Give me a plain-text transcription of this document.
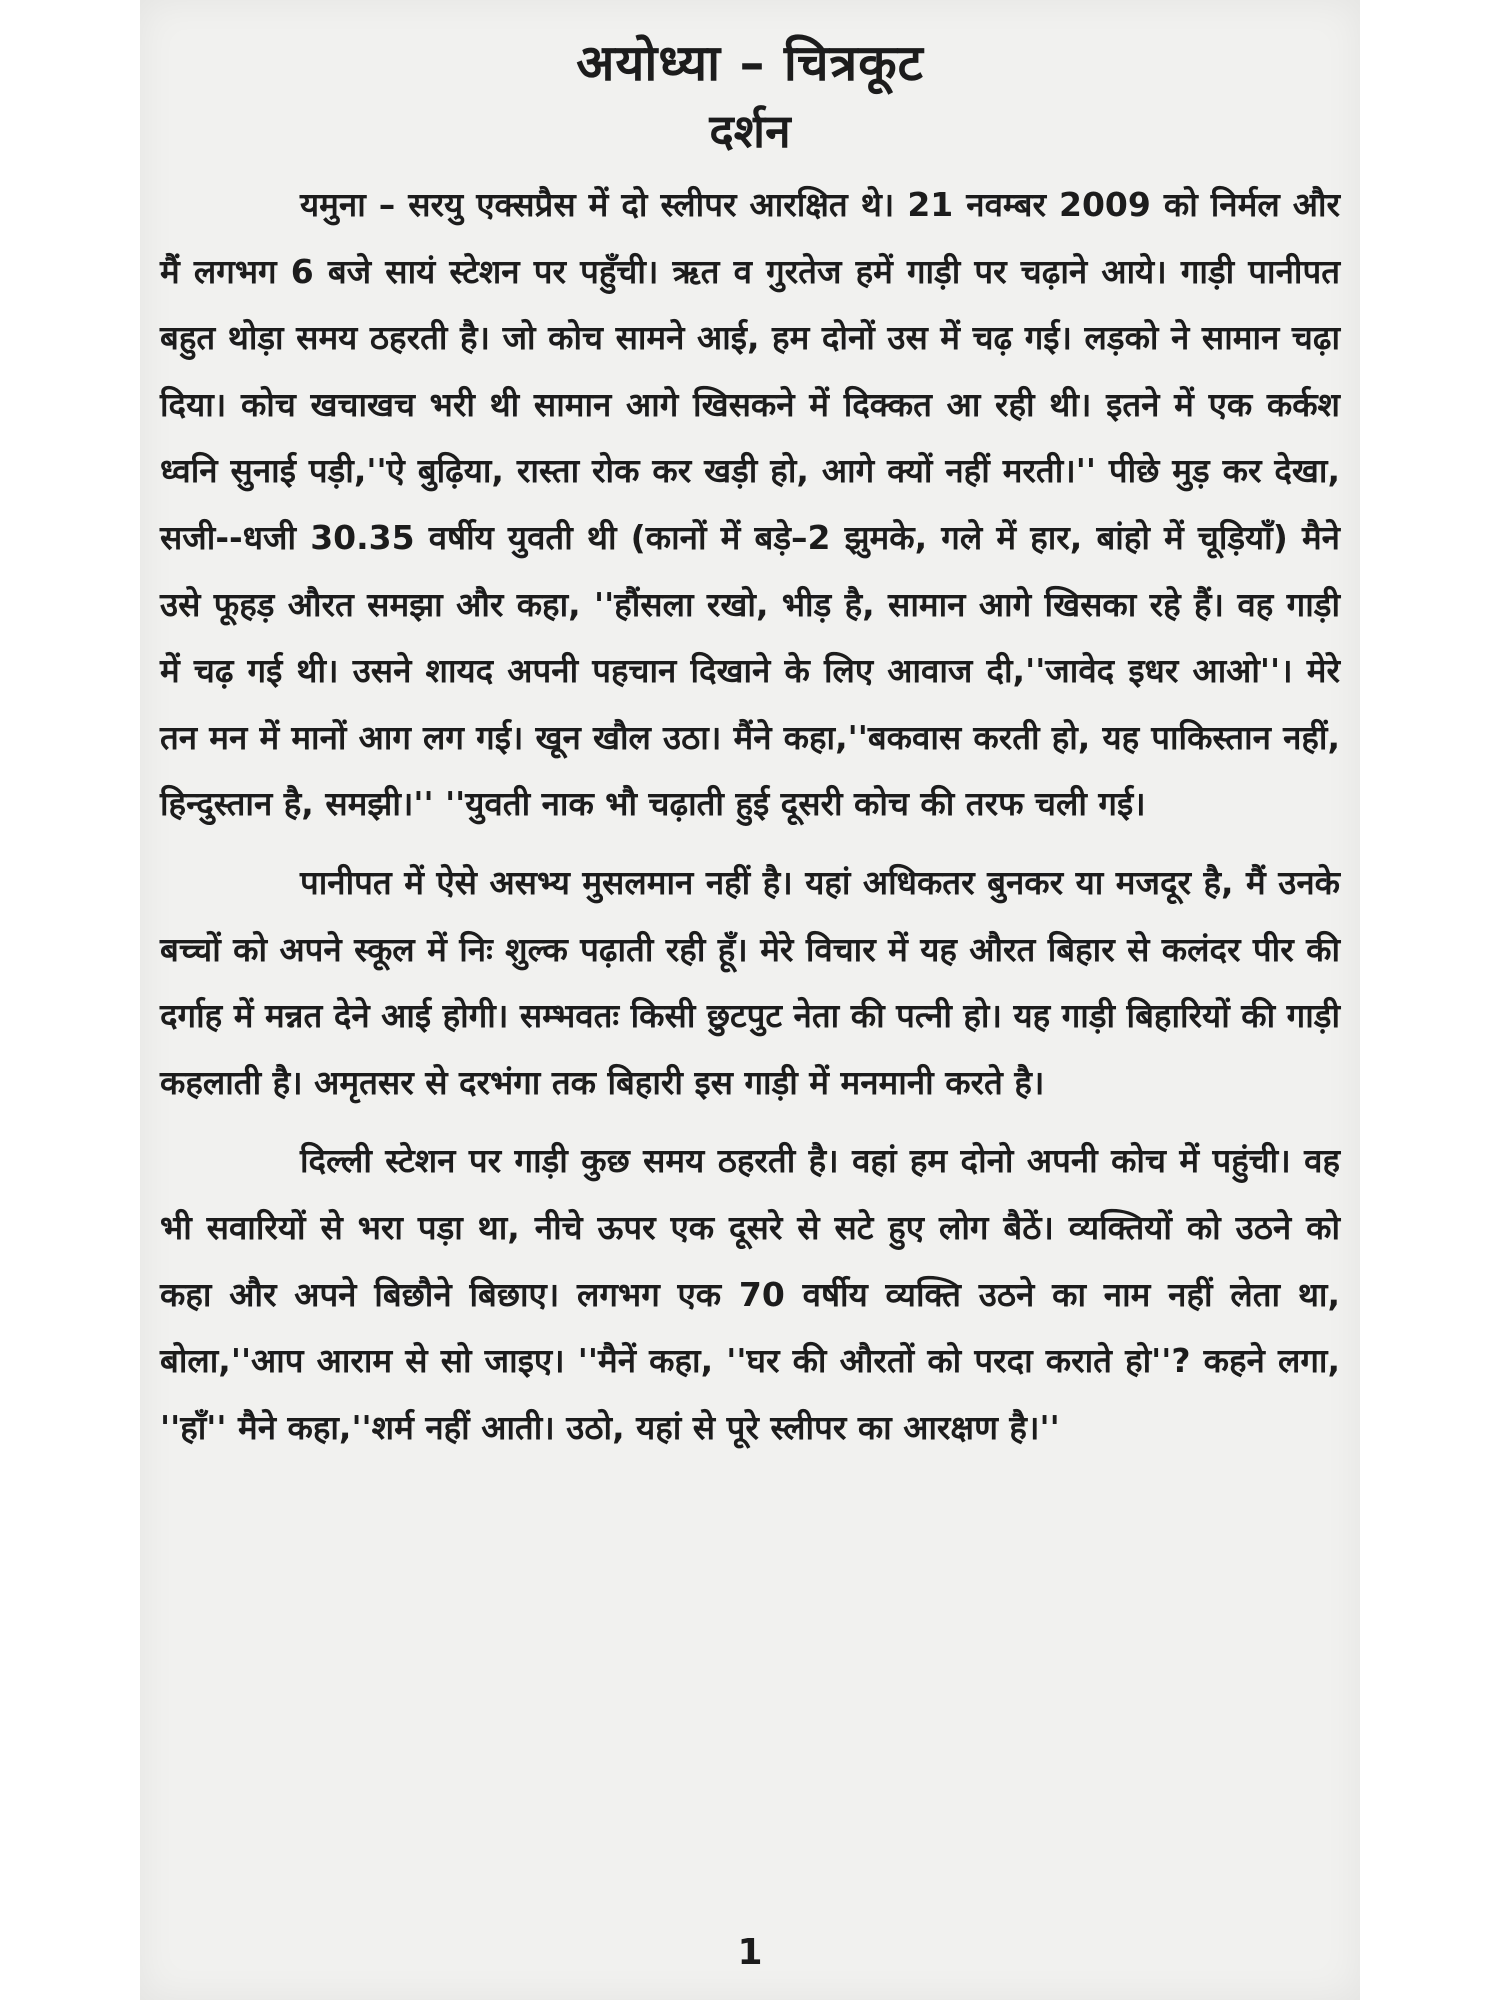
अयोध्या – चित्रकूट
दर्शन

यमुना – सरयु एक्सप्रैस में दो स्लीपर आरक्षित थे। 21 नवम्बर 2009 को निर्मल और मैं लगभग 6 बजे सायं स्टेशन पर पहुँची। ऋत व गुरतेज हमें गाड़ी पर चढ़ाने आये। गाड़ी पानीपत बहुत थोड़ा समय ठहरती है। जो कोच सामने आई, हम दोनों उस में चढ़ गई। लड़को ने सामान चढ़ा दिया। कोच खचाखच भरी थी सामान आगे खिसकने में दिक्कत आ रही थी। इतने में एक कर्कश ध्वनि सुनाई पड़ी,''ऐ बुढ़िया, रास्ता रोक कर खड़ी हो, आगे क्यों नहीं मरती।'' पीछे मुड़ कर देखा, सजी--धजी 30.35 वर्षीय युवती थी (कानों में बड़े–2 झुमके, गले में हार, बांहो में चूड़ियाँ) मैने उसे फूहड़ औरत समझा और कहा, ''हौंसला रखो, भीड़ है, सामान आगे खिसका रहे हैं। वह गाड़ी में चढ़ गई थी। उसने शायद अपनी पहचान दिखाने के लिए आवाज दी,''जावेद इधर आओ''। मेरे तन मन में मानों आग लग गई। खून खौल उठा। मैंने कहा,''बकवास करती हो, यह पाकिस्तान नहीं, हिन्दुस्तान है, समझी।'' ''युवती नाक भौ चढ़ाती हुई दूसरी कोच की तरफ चली गई।

पानीपत में ऐसे असभ्य मुसलमान नहीं है। यहां अधिकतर बुनकर या मजदूर है, मैं उनके बच्चों को अपने स्कूल में निः शुल्क पढ़ाती रही हूँ। मेरे विचार में यह औरत बिहार से कलंदर पीर की दर्गाह में मन्नत देने आई होगी। सम्भवतः किसी छुटपुट नेता की पत्नी हो। यह गाड़ी बिहारियों की गाड़ी कहलाती है। अमृतसर से दरभंगा तक बिहारी इस गाड़ी में मनमानी करते है।

दिल्ली स्टेशन पर गाड़ी कुछ समय ठहरती है। वहां हम दोनो अपनी कोच में पहुंची। वह भी सवारियों से भरा पड़ा था, नीचे ऊपर एक दूसरे से सटे हुए लोग बैठें। व्यक्तियों को उठने को कहा और अपने बिछौने बिछाए। लगभग एक 70 वर्षीय व्यक्ति उठने का नाम नहीं लेता था, बोला,''आप आराम से सो जाइए। ''मैनें कहा, ''घर की औरतों को परदा कराते हो''? कहने लगा, ''हाँ'' मैने कहा,''शर्म नहीं आती। उठो, यहां से पूरे स्लीपर का आरक्षण है।''

1
